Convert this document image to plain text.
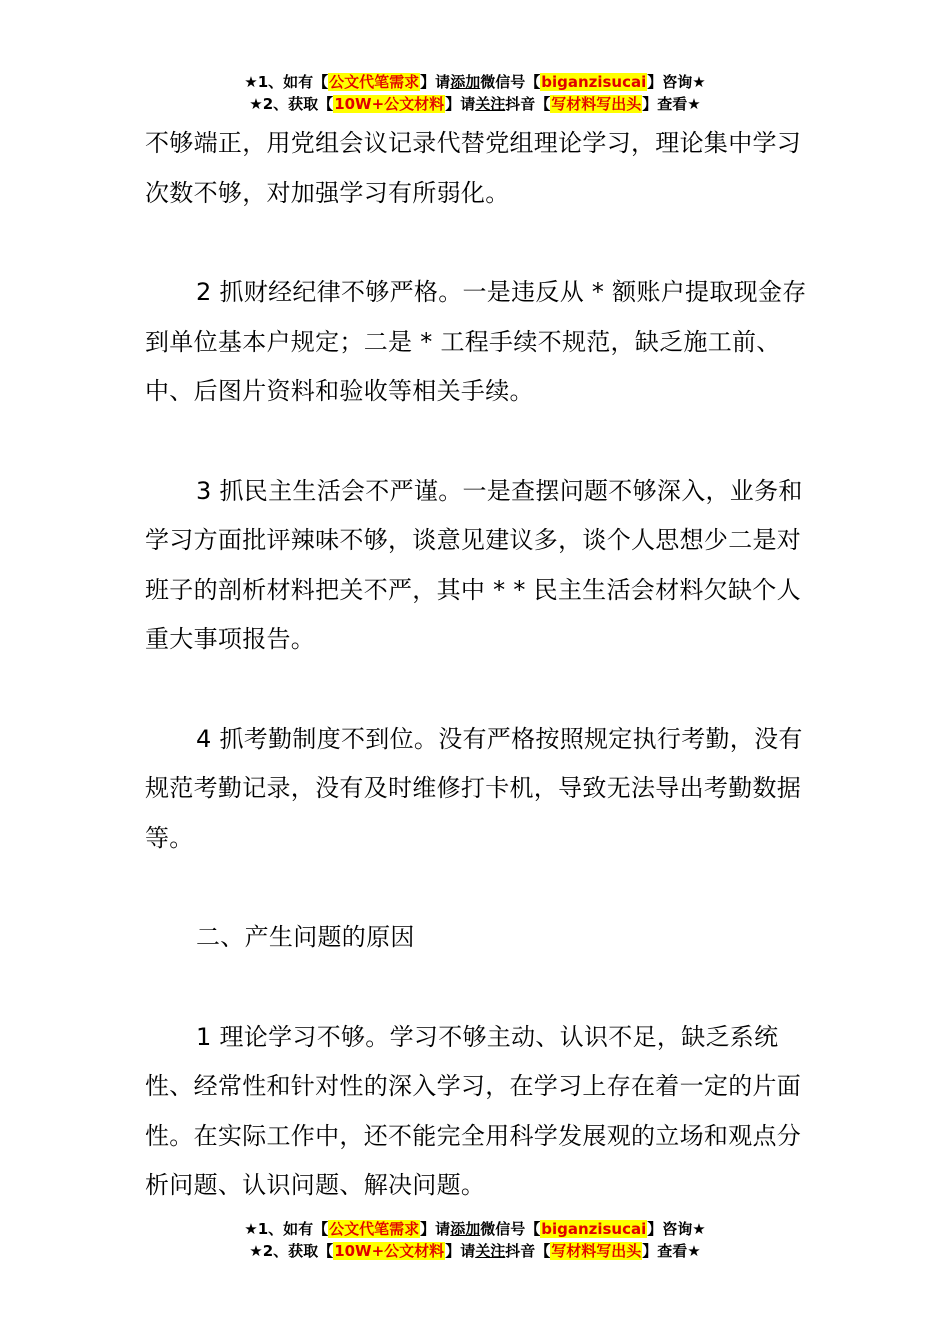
★1、如有【公文代笔需求】请添加微信号【biganzisucai】咨询★
★2、获取【10W+公文材料】请关注抖音【写材料写出头】查看★

不够端正，用党组会议记录代替党组理论学习，理论集中学习次数不够，对加强学习有所弱化。

2 抓财经纪律不够严格。一是违反从 * 额账户提取现金存到单位基本户规定；二是 * 工程手续不规范，缺乏施工前、中、后图片资料和验收等相关手续。

3 抓民主生活会不严谨。一是查摆问题不够深入，业务和学习方面批评辣味不够，谈意见建议多，谈个人思想少二是对班子的剖析材料把关不严，其中 * * 民主生活会材料欠缺个人重大事项报告。

4 抓考勤制度不到位。没有严格按照规定执行考勤，没有规范考勤记录，没有及时维修打卡机，导致无法导出考勤数据等。

二、产生问题的原因

1 理论学习不够。学习不够主动、认识不足，缺乏系统性、经常性和针对性的深入学习，在学习上存在着一定的片面性。在实际工作中，还不能完全用科学发展观的立场和观点分析问题、认识问题、解决问题。

★1、如有【公文代笔需求】请添加微信号【biganzisucai】咨询★
★2、获取【10W+公文材料】请关注抖音【写材料写出头】查看★
